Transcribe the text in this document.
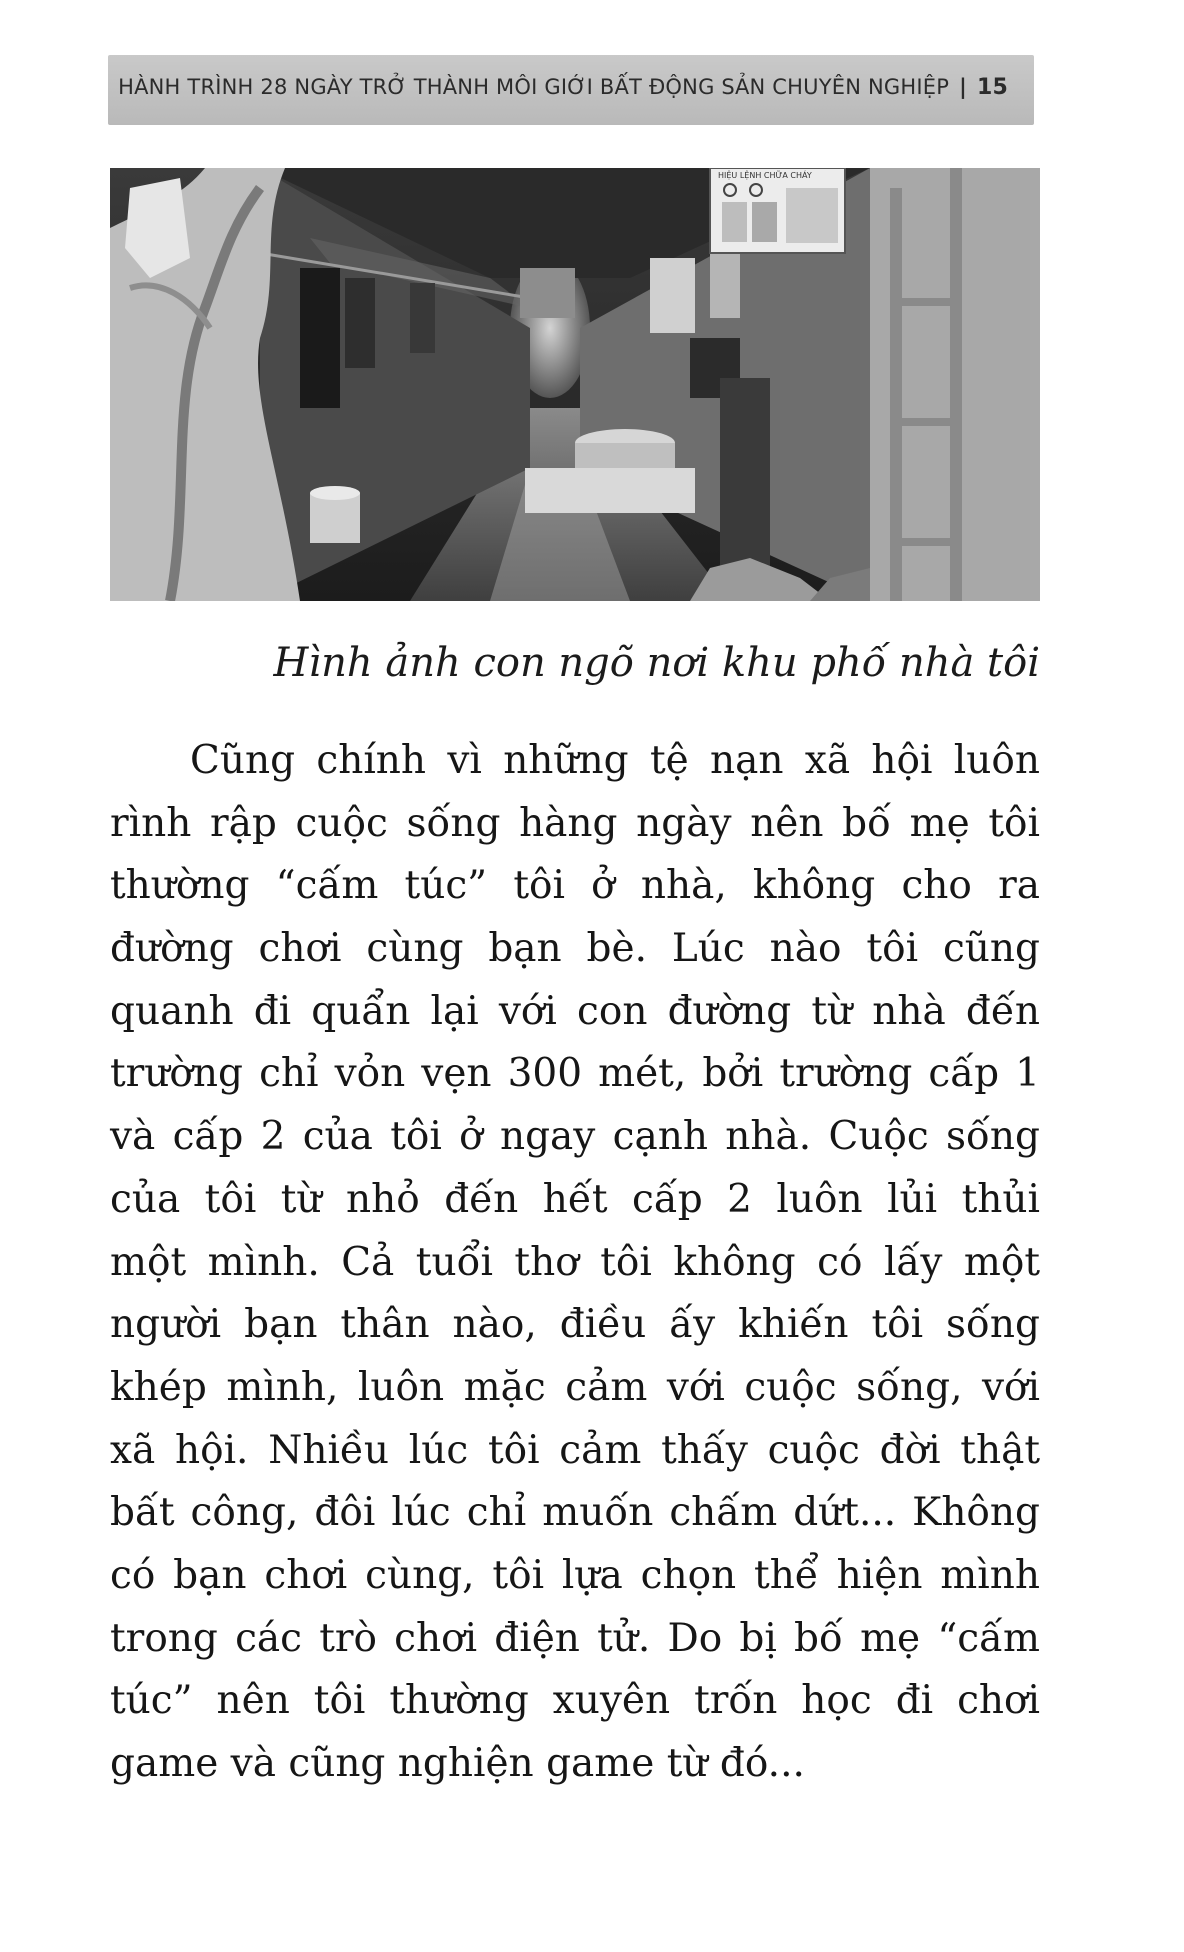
HÀNH TRÌNH 28 NGÀY TRỞ THÀNH MÔI GIỚI BẤT ĐỘNG SẢN CHUYÊN NGHIỆP | 15
HIỆU LỆNH CHỮA CHÁY
Hình ảnh con ngõ nơi khu phố nhà tôi
Cũng chính vì những tệ nạn xã hội luôn
rình rập cuộc sống hàng ngày nên bố mẹ tôi
thường “cấm túc” tôi ở nhà, không cho ra
đường chơi cùng bạn bè. Lúc nào tôi cũng
quanh đi quẩn lại với con đường từ nhà đến
trường chỉ vỏn vẹn 300 mét, bởi trường cấp 1
và cấp 2 của tôi ở ngay cạnh nhà. Cuộc sống
của tôi từ nhỏ đến hết cấp 2 luôn lủi thủi
một mình. Cả tuổi thơ tôi không có lấy một
người bạn thân nào, điều ấy khiến tôi sống
khép mình, luôn mặc cảm với cuộc sống, với
xã hội. Nhiều lúc tôi cảm thấy cuộc đời thật
bất công, đôi lúc chỉ muốn chấm dứt... Không
có bạn chơi cùng, tôi lựa chọn thể hiện mình
trong các trò chơi điện tử. Do bị bố mẹ “cấm
túc” nên tôi thường xuyên trốn học đi chơi
game và cũng nghiện game từ đó...
